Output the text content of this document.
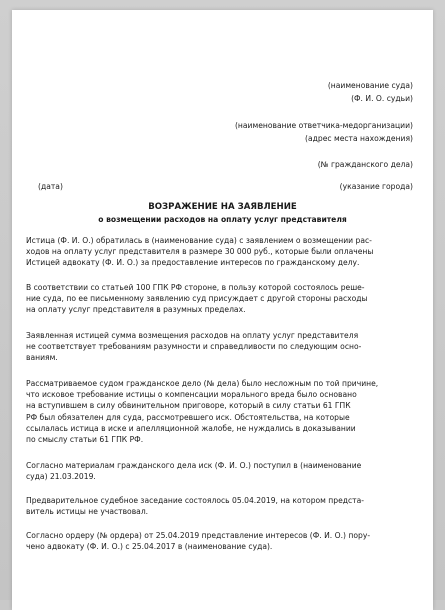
(наименование суда)
(Ф. И. О. судьи)
(наименование ответчика-медорганизации)
(адрес места нахождения)
(№ гражданского дела)
(дата)	(указание города)
ВОЗРАЖЕНИЕ НА ЗАЯВЛЕНИЕ
о возмещении расходов на оплату услуг представителя
Истица (Ф. И. О.) обратилась в (наименование суда) с заявлением о возмещении рас-
ходов на оплату услуг представителя в размере 30 000 руб., которые были оплачены
Истицей адвокату (Ф. И. О.) за предоставление интересов по гражданскому делу.
В соответствии со статьей 100 ГПК РФ стороне, в пользу которой состоялось реше-
ние суда, по ее письменному заявлению суд присуждает с другой стороны расходы
на оплату услуг представителя в разумных пределах.
Заявленная истицей сумма возмещения расходов на оплату услуг представителя
не соответствует требованиям разумности и справедливости по следующим осно-
ваниям.
Рассматриваемое судом гражданское дело (№ дела) было несложным по той причине,
что исковое требование истицы о компенсации морального вреда было основано
на вступившем в силу обвинительном приговоре, который в силу статьи 61 ГПК
РФ был обязателен для суда, рассмотревшего иск. Обстоятельства, на которые
ссылалась истица в иске и апелляционной жалобе, не нуждались в доказывании
по смыслу статьи 61 ГПК РФ.
Согласно материалам гражданского дела иск (Ф. И. О.) поступил в (наименование
суда) 21.03.2019.
Предварительное судебное заседание состоялось 05.04.2019, на котором предста-
витель истицы не участвовал.
Согласно ордеру (№ ордера) от 25.04.2019 представление интересов (Ф. И. О.) пору-
чено адвокату (Ф. И. О.) с 25.04.2017 в (наименование суда).
